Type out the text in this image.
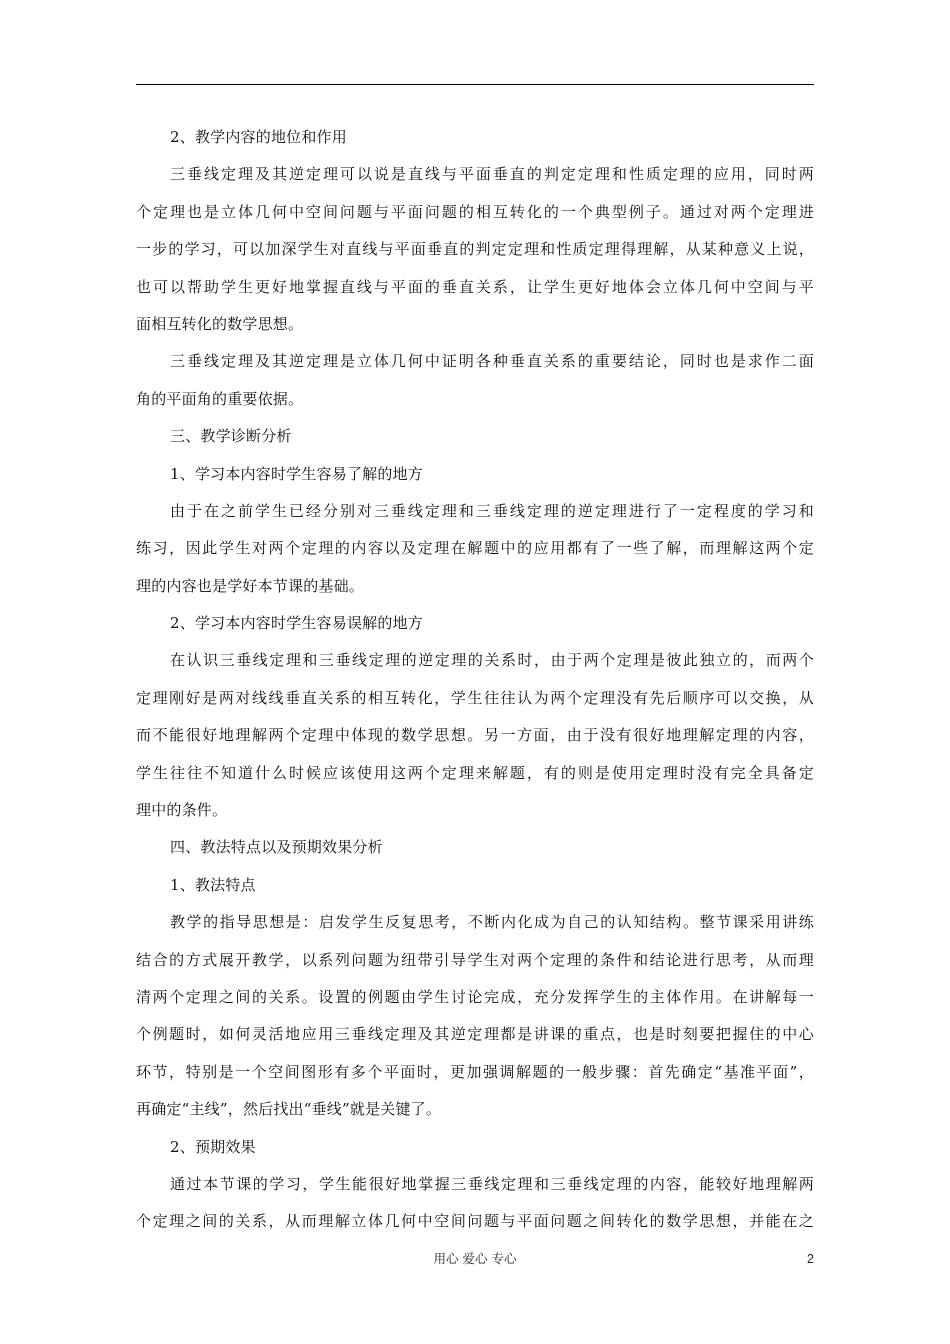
2、教学内容的地位和作用
三垂线定理及其逆定理可以说是直线与平面垂直的判定定理和性质定理的应用，同时两
个定理也是立体几何中空间问题与平面问题的相互转化的一个典型例子。通过对两个定理进
一步的学习，可以加深学生对直线与平面垂直的判定定理和性质定理得理解，从某种意义上说，
也可以帮助学生更好地掌握直线与平面的垂直关系，让学生更好地体会立体几何中空间与平
面相互转化的数学思想。
三垂线定理及其逆定理是立体几何中证明各种垂直关系的重要结论，同时也是求作二面
角的平面角的重要依据。
三、教学诊断分析
1、学习本内容时学生容易了解的地方
由于在之前学生已经分别对三垂线定理和三垂线定理的逆定理进行了一定程度的学习和
练习，因此学生对两个定理的内容以及定理在解题中的应用都有了一些了解，而理解这两个定
理的内容也是学好本节课的基础。
2、学习本内容时学生容易误解的地方
在认识三垂线定理和三垂线定理的逆定理的关系时，由于两个定理是彼此独立的，而两个
定理刚好是两对线线垂直关系的相互转化，学生往往认为两个定理没有先后顺序可以交换，从
而不能很好地理解两个定理中体现的数学思想。另一方面，由于没有很好地理解定理的内容，
学生往往不知道什么时候应该使用这两个定理来解题，有的则是使用定理时没有完全具备定
理中的条件。
四、教法特点以及预期效果分析
1、教法特点
教学的指导思想是：启发学生反复思考，不断内化成为自己的认知结构。整节课采用讲练
结合的方式展开教学，以系列问题为纽带引导学生对两个定理的条件和结论进行思考，从而理
清两个定理之间的关系。设置的例题由学生讨论完成，充分发挥学生的主体作用。在讲解每一
个例题时，如何灵活地应用三垂线定理及其逆定理都是讲课的重点，也是时刻要把握住的中心
环节，特别是一个空间图形有多个平面时，更加强调解题的一般步骤：首先确定“基准平面”，
再确定“主线”，然后找出“垂线”就是关键了。
2、预期效果
通过本节课的学习，学生能很好地掌握三垂线定理和三垂线定理的内容，能较好地理解两
个定理之间的关系，从而理解立体几何中空间问题与平面问题之间转化的数学思想，并能在之
用心 爱心 专心	2
